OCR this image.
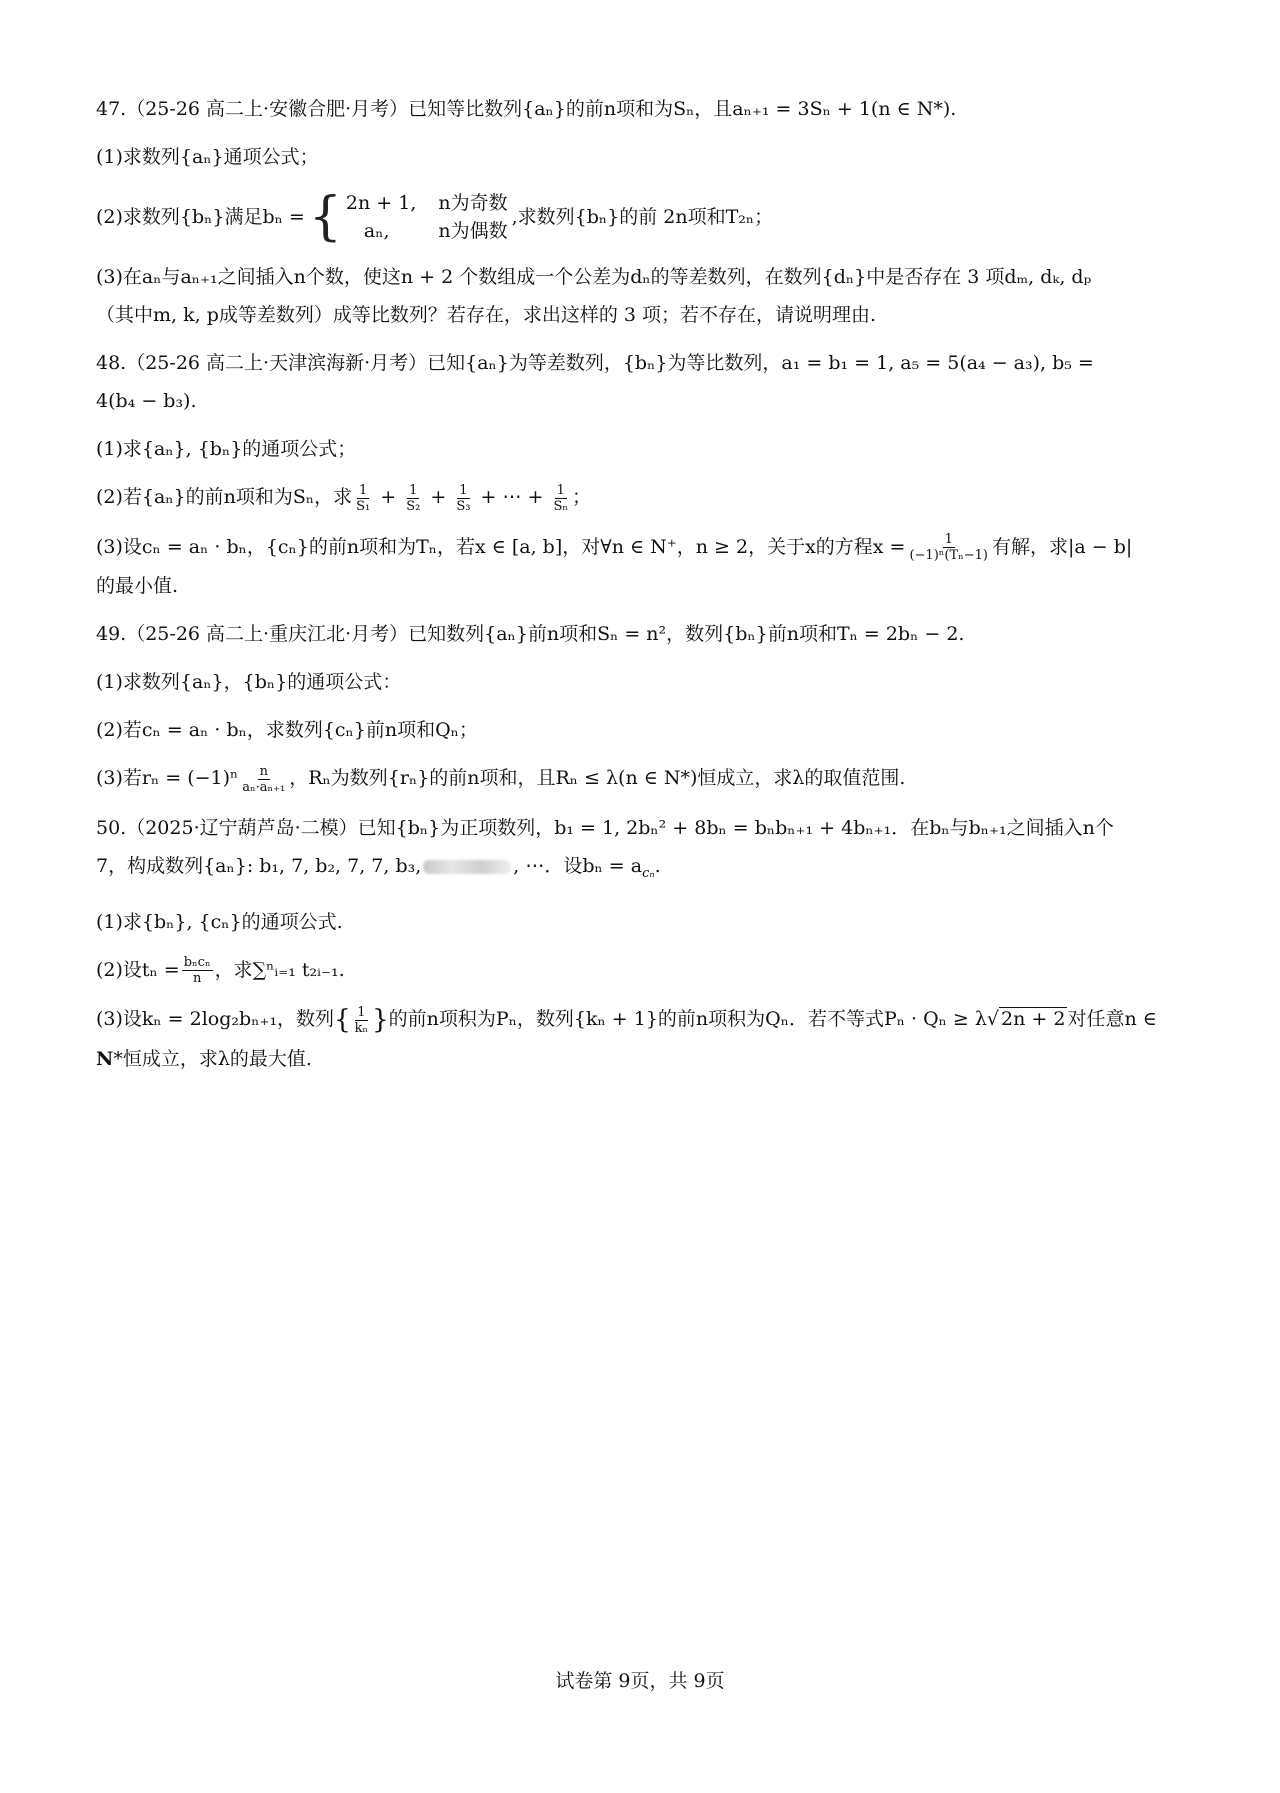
47.（25-26 高二上·安徽合肥·月考）已知等比数列{aₙ}的前n项和为Sₙ，且aₙ₊₁ = 3Sₙ + 1(n ∈ N*).
(1)求数列{aₙ}通项公式；
(2)求数列{bₙ}满足bₙ = { 2n + 1, n为奇数
aₙ,	n为偶数
,求数列{bₙ}的前 2n项和T₂ₙ；
(3)在aₙ与aₙ₊₁之间插入n个数，使这n + 2 个数组成一个公差为dₙ的等差数列，在数列{dₙ}中是否存在 3 项dₘ, dₖ, dₚ
（其中m, k, p成等差数列）成等比数列？若存在，求出这样的 3 项；若不存在，请说明理由.
48.（25-26 高二上·天津滨海新·月考）已知{aₙ}为等差数列，{bₙ}为等比数列，a₁ = b₁ = 1, a₅ = 5(a₄ − a₃), b₅ =
4(b₄ − b₃).
(1)求{aₙ}, {bₙ}的通项公式；
(2)若{aₙ}的前n项和为Sₙ，求 $\frac{1}{\text{S₁}} + \frac{1}{\text{S₂}} + \frac{1}{\text{S₃}}$ + ⋯ + $\frac{1}{\text{Sₙ}}$ ；
(3)设cₙ = aₙ · bₙ，{cₙ}的前n项和为Tₙ，若x ∈ [a, b]，对∀n ∈ N⁺，n ≥ 2，关于x的方程$x = \frac{1}{\text{(−1)ⁿ(Tₙ−1)}}$ 有解，求|a − b|
的最小值.
49.（25-26 高二上·重庆江北·月考）已知数列{aₙ}前n项和Sₙ = n²，数列{bₙ}前n项和Tₙ = 2bₙ − 2.
(1)求数列{aₙ}，{bₙ}的通项公式：
(2)若cₙ = aₙ · bₙ，求数列{cₙ}前n项和Qₙ；
(3)若$r_n = (-1)^n \frac{n}{\text{aₙ·aₙ₊₁}}$ ，Rₙ为数列{rₙ}的前n项和，且Rₙ ≤ λ(n ∈ N*)恒成立，求λ的取值范围.
50.（2025·辽宁葫芦岛·二模）已知{bₙ}为正项数列，b₁ = 1, 2bₙ² + 8bₙ = bₙbₙ₊₁ + 4bₙ₊₁．在bₙ与bₙ₊₁之间插入n个
7，构成数列{aₙ}: b₁, 7, b₂, 7, 7, b₃,	, ⋯．设$b_n = a_{c_n}$.
(1)求{bₙ}, {cₙ}的通项公式.
(2)设$t_n = \frac{\text{bₙcₙ}}{n}$ ，求∑ⁿᵢ₌₁ t₂ᵢ₋₁.
(3)设kₙ = 2log₂bₙ₊₁，数列{ $\frac{1}{\text{kₙ}}$ }的前n项积为Pₙ，数列{kₙ + 1}的前n项积为Qₙ．若不等式Pₙ · Qₙ ≥ λ√ 2n + 2 对任意n ∈
N*恒成立，求λ的最大值.
试卷第 9页，共 9页
